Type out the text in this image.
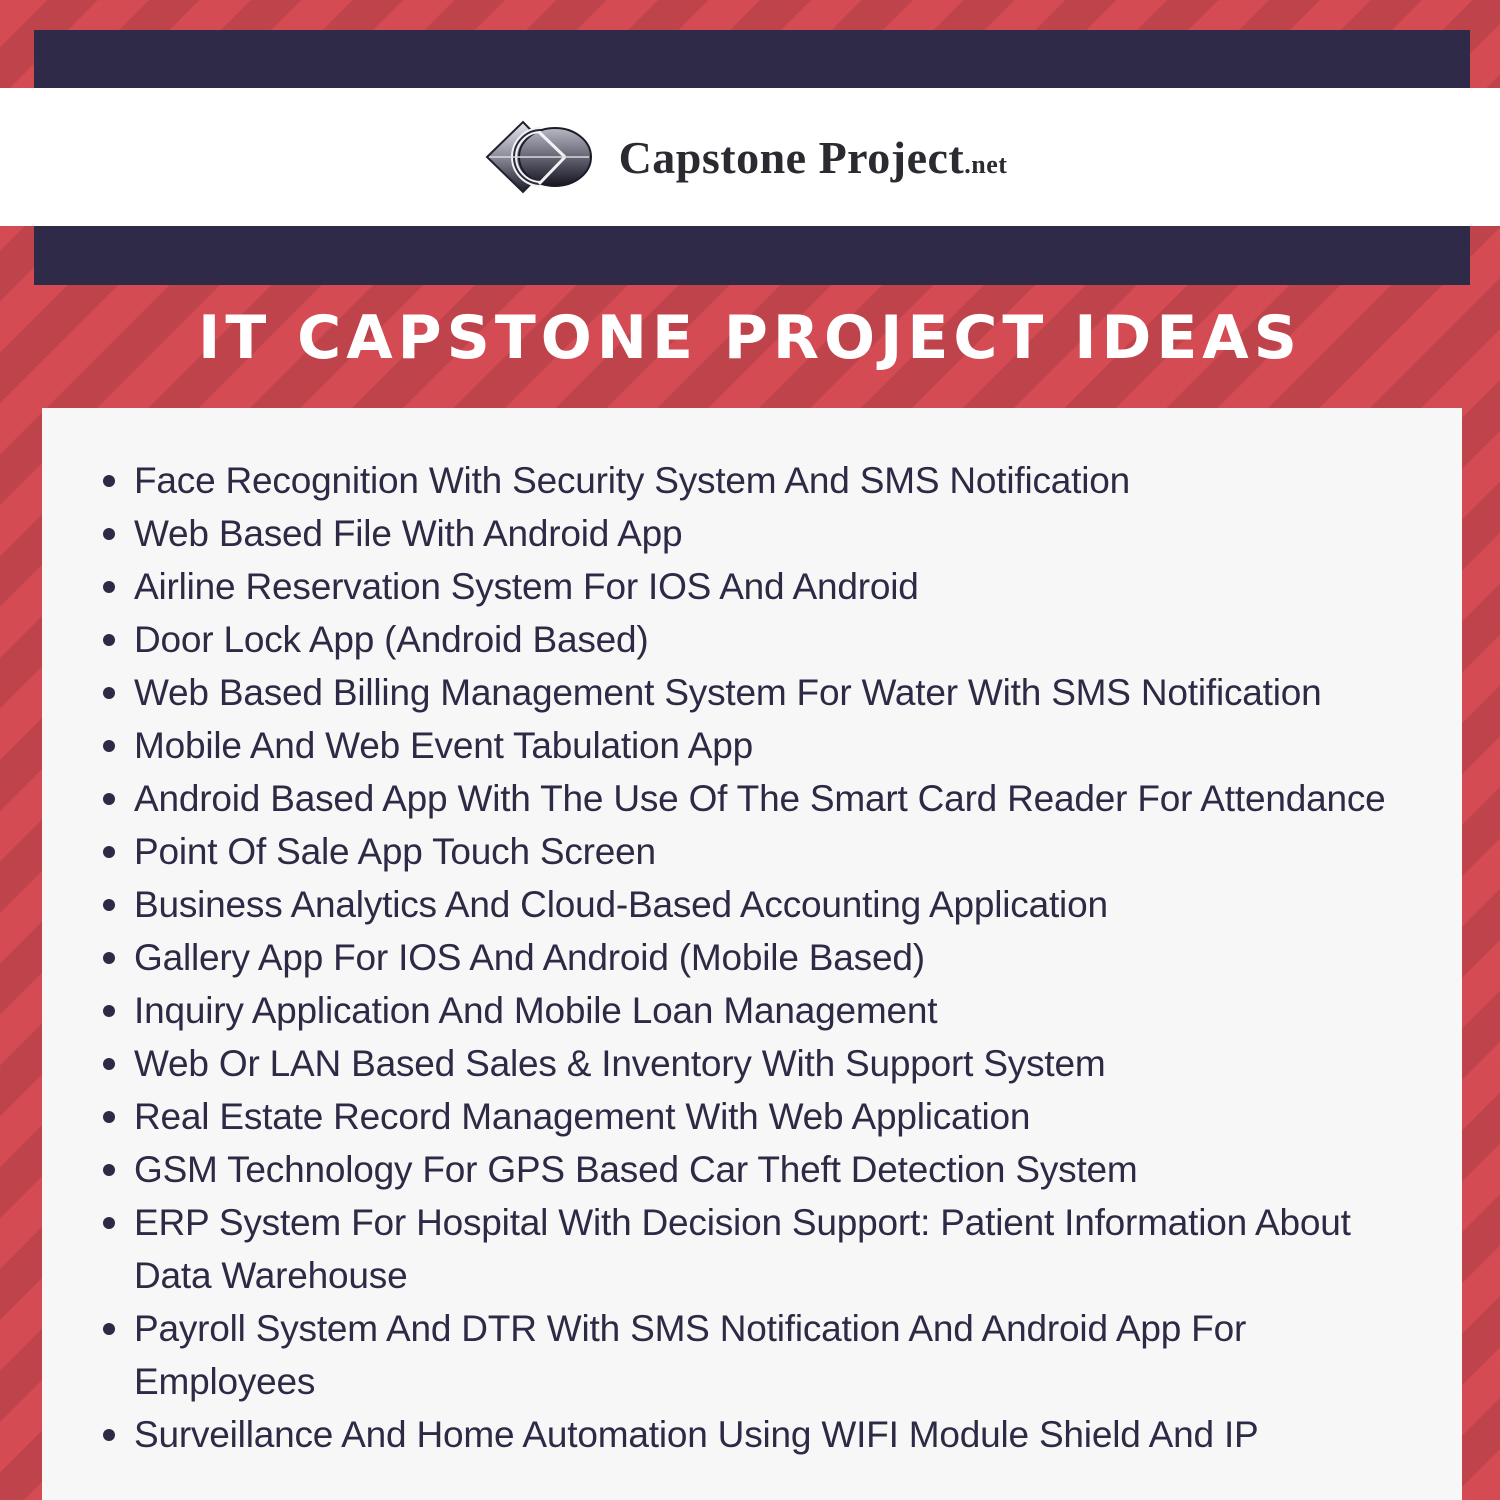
Capstone Project.net
IT CAPSTONE PROJECT IDEAS
Face Recognition With Security System And SMS Notification
Web Based File With Android App
Airline Reservation System For IOS And Android
Door Lock App (Android Based)
Web Based Billing Management System For Water With SMS Notification
Mobile And Web Event Tabulation App
Android Based App With The Use Of The Smart Card Reader For Attendance
Point Of Sale App Touch Screen
Business Analytics And Cloud-Based Accounting Application
Gallery App For IOS And Android (Mobile Based)
Inquiry Application And Mobile Loan Management
Web Or LAN Based Sales & Inventory With Support System
Real Estate Record Management With Web Application
GSM Technology For GPS Based Car Theft Detection System
ERP System For Hospital With Decision Support: Patient Information About Data Warehouse
Payroll System And DTR With SMS Notification And Android App For Employees
Surveillance And Home Automation Using WIFI Module Shield And IP
